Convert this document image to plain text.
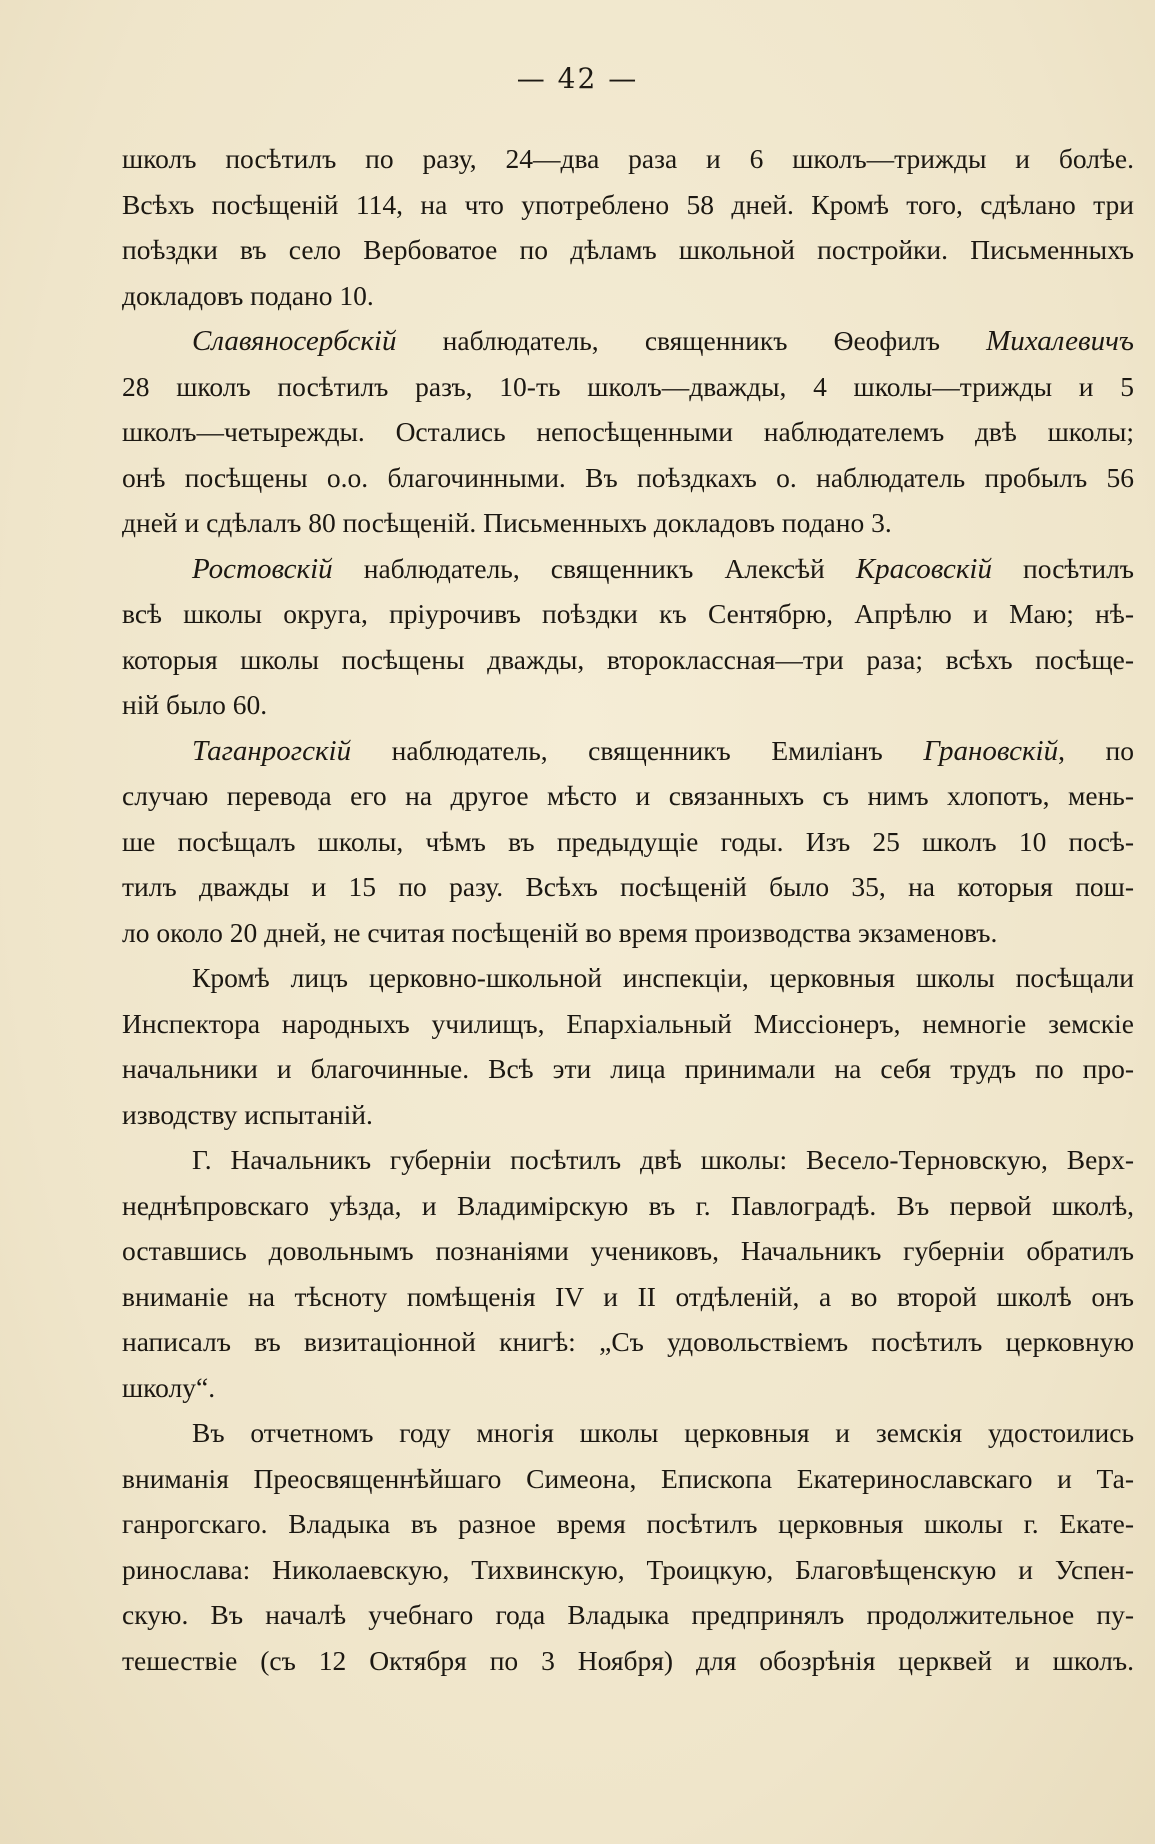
— 42 —
школъ посѣтилъ по разу, 24—два раза и 6 школъ—трижды и болѣе.
Всѣхъ посѣщеній 114, на что употреблено 58 дней. Кромѣ того, сдѣлано три
поѣздки въ село Вербоватое по дѣламъ школьной постройки. Письменныхъ
докладовъ подано 10.
Славяносербскій наблюдатель, священникъ Ѳеофилъ Михалевичъ
28 школъ посѣтилъ разъ, 10-ть школъ—дважды, 4 школы—трижды и 5
школъ—четырежды. Остались непосѣщенными наблюдателемъ двѣ школы;
онѣ посѣщены о.о. благочинными. Въ поѣздкахъ о. наблюдатель пробылъ 56
дней и сдѣлалъ 80 посѣщеній. Письменныхъ докладовъ подано 3.
Ростовскій наблюдатель, священникъ Алексѣй Красовскій посѣтилъ
всѣ школы округа, пріурочивъ поѣздки къ Сентябрю, Апрѣлю и Маю; нѣ-
которыя школы посѣщены дважды, второклассная—три раза; всѣхъ посѣще-
ній было 60.
Таганрогскій наблюдатель, священникъ Емиліанъ Грановскій, по
случаю перевода его на другое мѣсто и связанныхъ съ нимъ хлопотъ, мень-
ше посѣщалъ школы, чѣмъ въ предыдущіе годы. Изъ 25 школъ 10 посѣ-
тилъ дважды и 15 по разу. Всѣхъ посѣщеній было 35, на которыя пош-
ло около 20 дней, не считая посѣщеній во время производства экзаменовъ.
Кромѣ лицъ церковно-школьной инспекціи, церковныя школы посѣщали
Инспектора народныхъ училищъ, Епархіальный Миссіонеръ, немногіе земскіе
начальники и благочинные. Всѣ эти лица принимали на себя трудъ по про-
изводству испытаній.
Г. Начальникъ губерніи посѣтилъ двѣ школы: Весело-Терновскую, Верх-
неднѣпровскаго уѣзда, и Владимірскую въ г. Павлоградѣ. Въ первой школѣ,
оставшись довольнымъ познаніями учениковъ, Начальникъ губерніи обратилъ
вниманіе на тѣсноту помѣщенія IV и II отдѣленій, а во второй школѣ онъ
написалъ въ визитаціонной книгѣ: „Съ удовольствіемъ посѣтилъ церковную
школу“.
Въ отчетномъ году многія школы церковныя и земскія удостоились
вниманія Преосвященнѣйшаго Симеона, Епископа Екатеринославскаго и Та-
ганрогскаго. Владыка въ разное время посѣтилъ церковныя школы г. Екате-
ринослава: Николаевскую, Тихвинскую, Троицкую, Благовѣщенскую и Успен-
скую. Въ началѣ учебнаго года Владыка предпринялъ продолжительное пу-
тешествіе (съ 12 Октября по 3 Ноября) для обозрѣнія церквей и школъ.
